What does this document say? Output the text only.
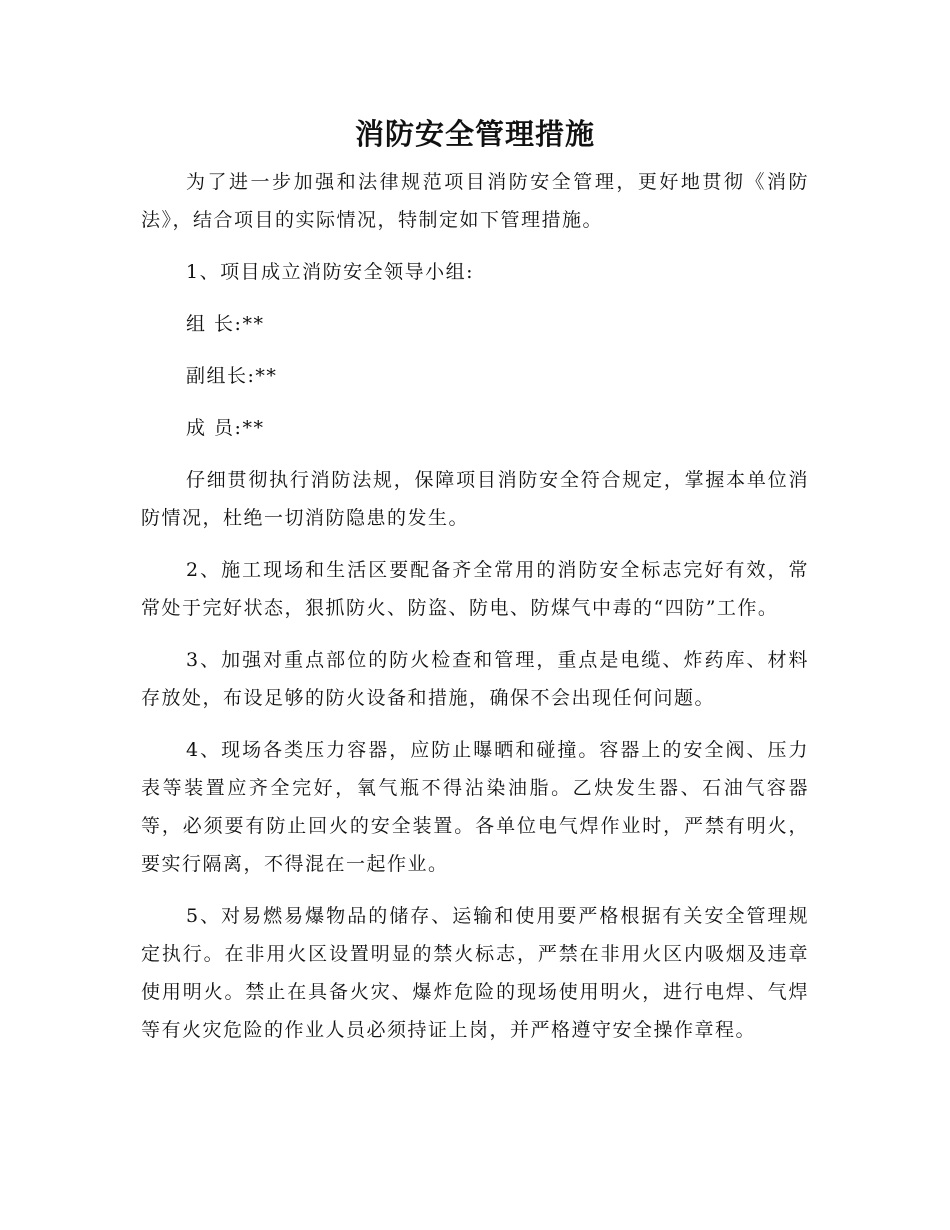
消防安全管理措施

为了进一步加强和法律规范项目消防安全管理，更好地贯彻《消防法》，结合项目的实际情况，特制定如下管理措施。

1、项目成立消防安全领导小组:

组 长:**

副组长:**

成 员:**

仔细贯彻执行消防法规，保障项目消防安全符合规定，掌握本单位消防情况，杜绝一切消防隐患的发生。

2、施工现场和生活区要配备齐全常用的消防安全标志完好有效，常常处于完好状态，狠抓防火、防盗、防电、防煤气中毒的“四防”工作。

3、加强对重点部位的防火检查和管理，重点是电缆、炸药库、材料存放处，布设足够的防火设备和措施，确保不会出现任何问题。

4、现场各类压力容器，应防止曝晒和碰撞。容器上的安全阀、压力表等装置应齐全完好，氧气瓶不得沾染油脂。乙炔发生器、石油气容器等，必须要有防止回火的安全装置。各单位电气焊作业时，严禁有明火，要实行隔离，不得混在一起作业。

5、对易燃易爆物品的储存、运输和使用要严格根据有关安全管理规定执行。在非用火区设置明显的禁火标志，严禁在非用火区内吸烟及违章使用明火。禁止在具备火灾、爆炸危险的现场使用明火，进行电焊、气焊等有火灾危险的作业人员必须持证上岗，并严格遵守安全操作章程。
